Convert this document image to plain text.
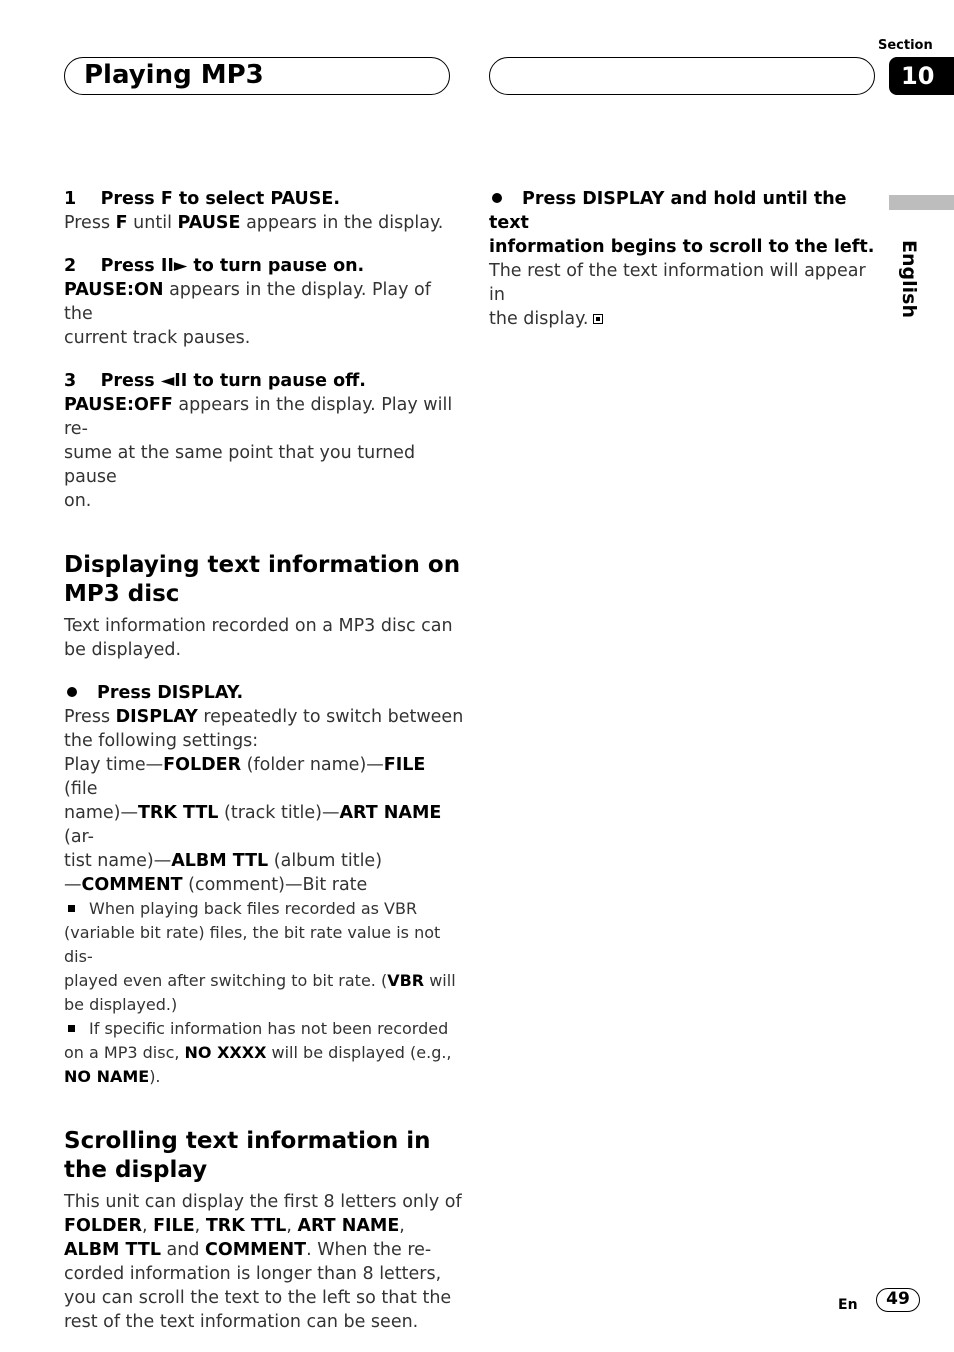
Playing MP3
Section
10
English

1 Press F to select PAUSE.

Press F until PAUSE appears in the display.

2 Press II► to turn pause on.

PAUSE:ON appears in the display. Play of the

current track pauses.

3 Press ◄II to turn pause off.

PAUSE:OFF appears in the display. Play will re-

sume at the same point that you turned pause

on.

Displaying text information on
MP3 disc

Text information recorded on a MP3 disc can

be displayed.

Press DISPLAY.

Press DISPLAY repeatedly to switch between

the following settings:

Play time—FOLDER (folder name)—FILE (file

name)—TRK TTL (track title)—ART NAME (ar-

tist name)—ALBM TTL (album title)

—COMMENT (comment)—Bit rate

When playing back files recorded as VBR

(variable bit rate) files, the bit rate value is not dis-

played even after switching to bit rate. (VBR will

be displayed.)

If specific information has not been recorded

on a MP3 disc, NO XXXX will be displayed (e.g.,

NO NAME).

Scrolling text information in
the display

This unit can display the first 8 letters only of

FOLDER, FILE, TRK TTL, ART NAME,

ALBM TTL and COMMENT. When the re-

corded information is longer than 8 letters,

you can scroll the text to the left so that the

rest of the text information can be seen.

Press DISPLAY and hold until the text

information begins to scroll to the left.

The rest of the text information will appear in

the display.

En	49
